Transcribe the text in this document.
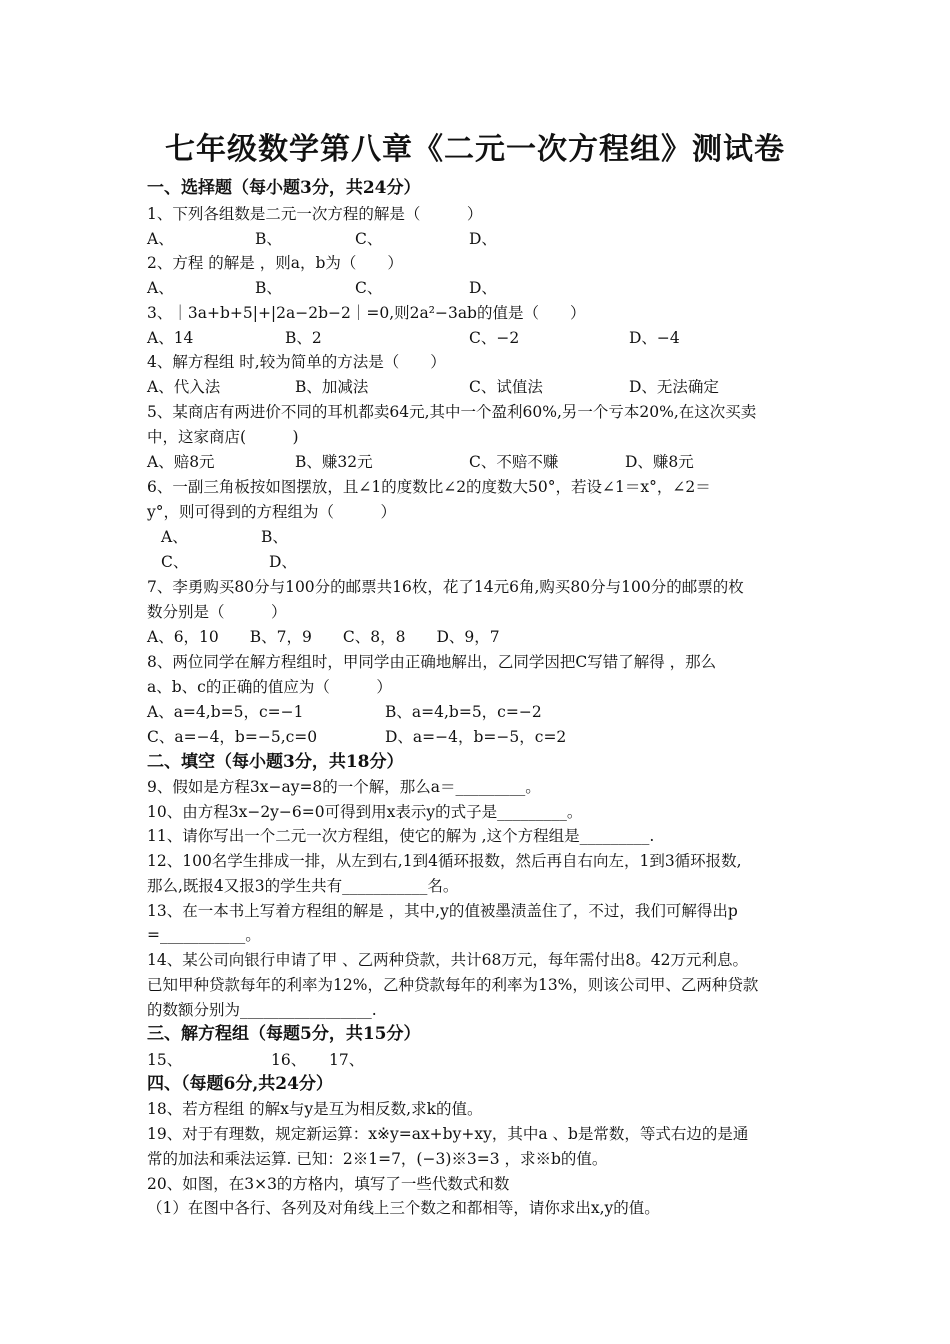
七年级数学第八章《二元一次方程组》测试卷
一、选择题（每小题3分，共24分）
1、下列各组数是二元一次方程的解是（　　　）
A、	B、	C、	D、
2、方程 的解是 ，则a，b为（　　）
A、	B、	C、	D、
3、｜3a+b+5|+|2a−2b−2｜=0,则2a²−3ab的值是（　　）
A、14	B、2	C、−2	D、−4
4、解方程组 时,较为简单的方法是（　　）
A、代入法	B、加减法	C、试值法	D、无法确定
5、某商店有两进价不同的耳机都卖64元,其中一个盈利60%,另一个亏本20%,在这次买卖
中，这家商店(　　　)
A、赔8元	B、赚32元	C、不赔不赚	D、赚8元
6、一副三角板按如图摆放，且∠1的度数比∠2的度数大50°，若设∠1＝x°，∠2＝
y°，则可得到的方程组为（　　　）
A、	B、
C、	D、
7、李勇购买80分与100分的邮票共16枚，花了14元6角,购买80分与100分的邮票的枚
数分别是（　　　）
A、6，10　　B、7，9　　C、8，8　　D、9，7
8、两位同学在解方程组时，甲同学由正确地解出，乙同学因把C写错了解得 ，那么
a、b、c的正确的值应为（　　　）
A、a=4,b=5，c=−1	B、a=4,b=5，c=−2
C、a=−4，b=−5,c=0	D、a=−4，b=−5，c=2
二、填空（每小题3分，共18分）
9、假如是方程3x−ay=8的一个解，那么a＝_________。
10、由方程3x−2y−6=0可得到用x表示y的式子是_________。
11、请你写出一个二元一次方程组，使它的解为 ,这个方程组是_________.
12、100名学生排成一排，从左到右,1到4循环报数，然后再自右向左，1到3循环报数,
那么,既报4又报3的学生共有___________名。
13、在一本书上写着方程组的解是 ，其中,y的值被墨渍盖住了，不过，我们可解得出p
=___________。
14、某公司向银行申请了甲 、乙两种贷款，共计68万元，每年需付出8。42万元利息。
已知甲种贷款每年的利率为12%，乙种贷款每年的利率为13%，则该公司甲、乙两种贷款
的数额分别为_________________.
三、解方程组（每题5分，共15分）
15、	16、 17、
四、（每题6分,共24分）
18、若方程组 的解x与y是互为相反数,求k的值。
19、对于有理数，规定新运算：x※y=ax+by+xy，其中a 、b是常数，等式右边的是通
常的加法和乘法运算. 已知：2※1=7，(−3)※3=3 ，求※b的值。
20、如图，在3×3的方格内，填写了一些代数式和数
（1）在图中各行、各列及对角线上三个数之和都相等，请你求出x,y的值。
